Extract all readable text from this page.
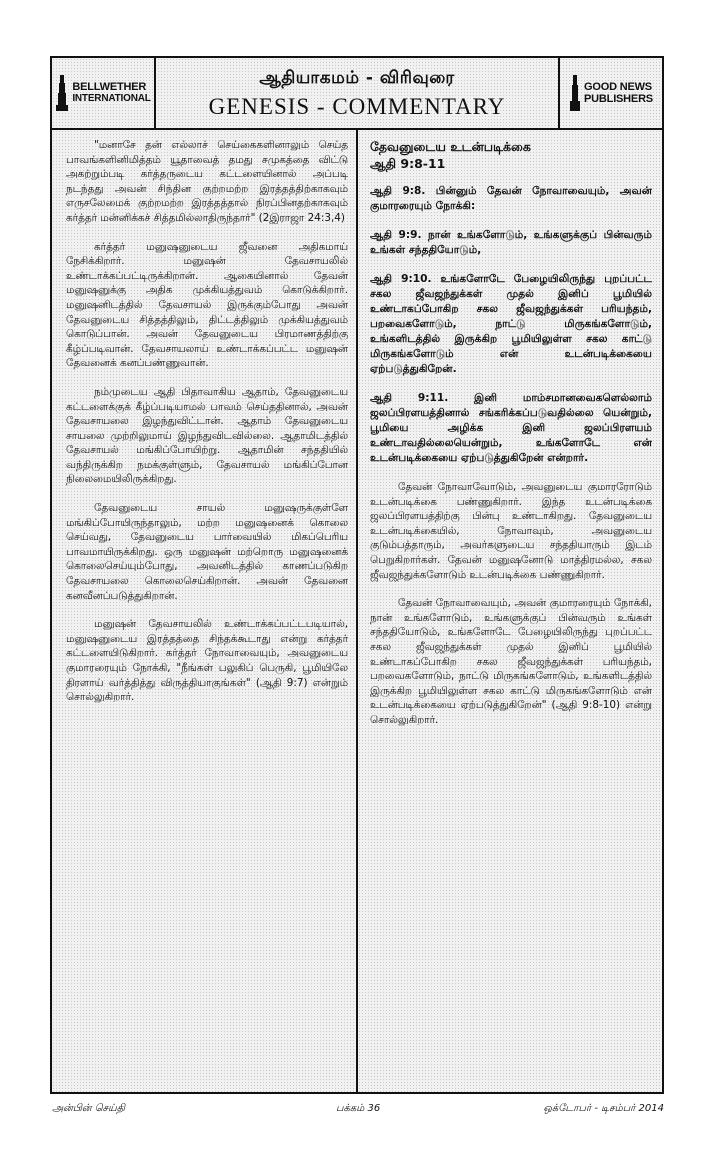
BELLWETHER
INTERNATIONAL
ஆதியாகமம் - விரிவுரை
GENESIS - COMMENTARY
GOOD NEWS
PUBLISHERS

"மனாசே தன் எல்லாச் செய்கைகளினாலும் செய்த பாவங்களினிமித்தம் யூதாவைத் தமது சமுகத்தை விட்டு அகற்றும்படி கர்த்தருடைய கட்டளையினால் அப்படி நடந்தது அவன் சிந்தின குற்றமற்ற இரத்தத்திற்காகவும் எருசலேமைக் குற்றமற்ற இரத்தத்தால் நிரப்பினதற்காகவும் கர்த்தர் மன்னிக்கச் சித்தமில்லாதிருந்தார்" (2இராஜா 24:3,4)

கர்த்தர் மனுஷனுடைய ஜீவனை அதிகமாய் நேசிக்கிறார். மனுஷன் தேவசாயலில் உண்டாக்கப்பட்டிருக்கிறான். ஆகையினால் தேவன் மனுஷனுக்கு அதிக முக்கியத்துவம் கொடுக்கிறார். மனுஷனிடத்தில் தேவசாயல் இருக்கும்போது அவன் தேவனுடைய சித்தத்திலும், திட்டத்திலும் முக்கியத்துவம் கொடுப்பான். அவன் தேவனுடைய பிரமாணத்திற்கு கீழ்ப்படிவான். தேவசாயலாய் உண்டாக்கப்பட்ட மனுஷன் தேவனைக் கனப்பண்ணுவான்.

நம்முடைய ஆதி பிதாவாகிய ஆதாம், தேவனுடைய கட்டளைக்குக் கீழ்ப்படியாமல் பாவம் செய்ததினால், அவன் தேவசாயலை இழந்துவிட்டான். ஆதாம் தேவனுடைய சாயலை முற்றிலுமாய் இழந்துவிடவில்லை. ஆதாமிடத்தில் தேவசாயல் மங்கிப்போயிற்று. ஆதாமின் சந்ததியில் வந்திருக்கிற நமக்குள்ளும், தேவசாயல் மங்கிப்போன நிலைமையிலிருக்கிறது.

தேவனுடைய சாயல் மனுஷருக்குள்ளே மங்கிப்போயிருந்தாலும், மற்ற மனுஷனைக் கொலை செய்வது, தேவனுடைய பார்வையில் மிகப்பெரிய பாவமாயிருக்கிறது. ஒரு மனுஷன் மற்றொரு மனுஷனைக் கொலைசெய்யும்போது, அவனிடத்தில் காணப்படுகிற தேவசாயலை கொலைசெய்கிறான். அவன் தேவனை கனவீனப்படுத்துகிறான்.

மனுஷன் தேவசாயலில் உண்டாக்கப்பட்டபடியால், மனுஷனுடைய இரத்தத்தை சிந்தக்கூடாது என்று கர்த்தர் கட்டளையிடுகிறார். கர்த்தர் நோவாவையும், அவனுடைய குமாரரையும் நோக்கி, "நீங்கள் பலுகிப் பெருகி, பூமியிலே திரளாய் வர்த்தித்து விருத்தியாகுங்கள்" (ஆதி 9:7) என்றும் சொல்லுகிறார்.

தேவனுடைய உடன்படிக்கை
ஆதி 9:8-11

ஆதி 9:8. பின்னும் தேவன் நோவாவையும், அவன் குமாரரையும் நோக்கி:

ஆதி 9:9. நான் உங்களோடும், உங்களுக்குப் பின்வரும் உங்கள் சந்ததியோடும்,

ஆதி 9:10. உங்களோடே பேழையிலிருந்து புறப்பட்ட சகல ஜீவஜந்துக்கள் முதல் இனிப் பூமியில் உண்டாகப்போகிற சகல ஜீவஜந்துக்கள் பரியந்தம், பறவைகளோடும், நாட்டு மிருகங்களோடும், உங்களிடத்தில் இருக்கிற பூமியிலுள்ள சகல காட்டு மிருகங்களோடும் என் உடன்படிக்கையை ஏற்படுத்துகிறேன்.

ஆதி 9:11. இனி மாம்சமானவைகளெல்லாம் ஜலப்பிரளயத்தினால் சங்கரிக்கப்படுவதில்லை யென்றும், பூமியை அழிக்க இனி ஜலப்பிரளயம் உண்டாவதில்லையென்றும், உங்களோடே என் உடன்படிக்கையை ஏற்படுத்துகிறேன் என்றார்.

தேவன் நோவாவோடும், அவனுடைய குமாரரோடும் உடன்படிக்கை பண்ணுகிறார். இந்த உடன்படிக்கை ஜலப்பிரளயத்திற்கு பின்பு உண்டாகிறது. தேவனுடைய உடன்படிக்கையில், நோவாவும், அவனுடைய குடும்பத்தாரும், அவர்களுடைய சந்ததியாரும் இடம் பெறுகிறார்கள். தேவன் மனுஷனோடு மாத்திரமல்ல, சகல ஜீவஜந்துக்களோடும் உடன்படிக்கை பண்ணுகிறார்.

தேவன் நோவாவையும், அவன் குமாரரையும் நோக்கி, நான் உங்களோடும், உங்களுக்குப் பின்வரும் உங்கள் சந்ததியோடும், உங்களோடே பேழையிலிருந்து புறப்பட்ட சகல ஜீவஜந்துக்கள் முதல் இனிப் பூமியில் உண்டாகப்போகிற சகல ஜீவஜந்துக்கள் பரியந்தம், பறவைகளோடும், நாட்டு மிருகங்களோடும், உங்களிடத்தில் இருக்கிற பூமியிலுள்ள சகல காட்டு மிருகங்களோடும் என் உடன்படிக்கையை ஏற்படுத்துகிறேன்" (ஆதி 9:8-10) என்று சொல்லுகிறார்.

அன்பின் செய்தி	பக்கம் 36	ஒக்டோபர் - டிசம்பர் 2014
